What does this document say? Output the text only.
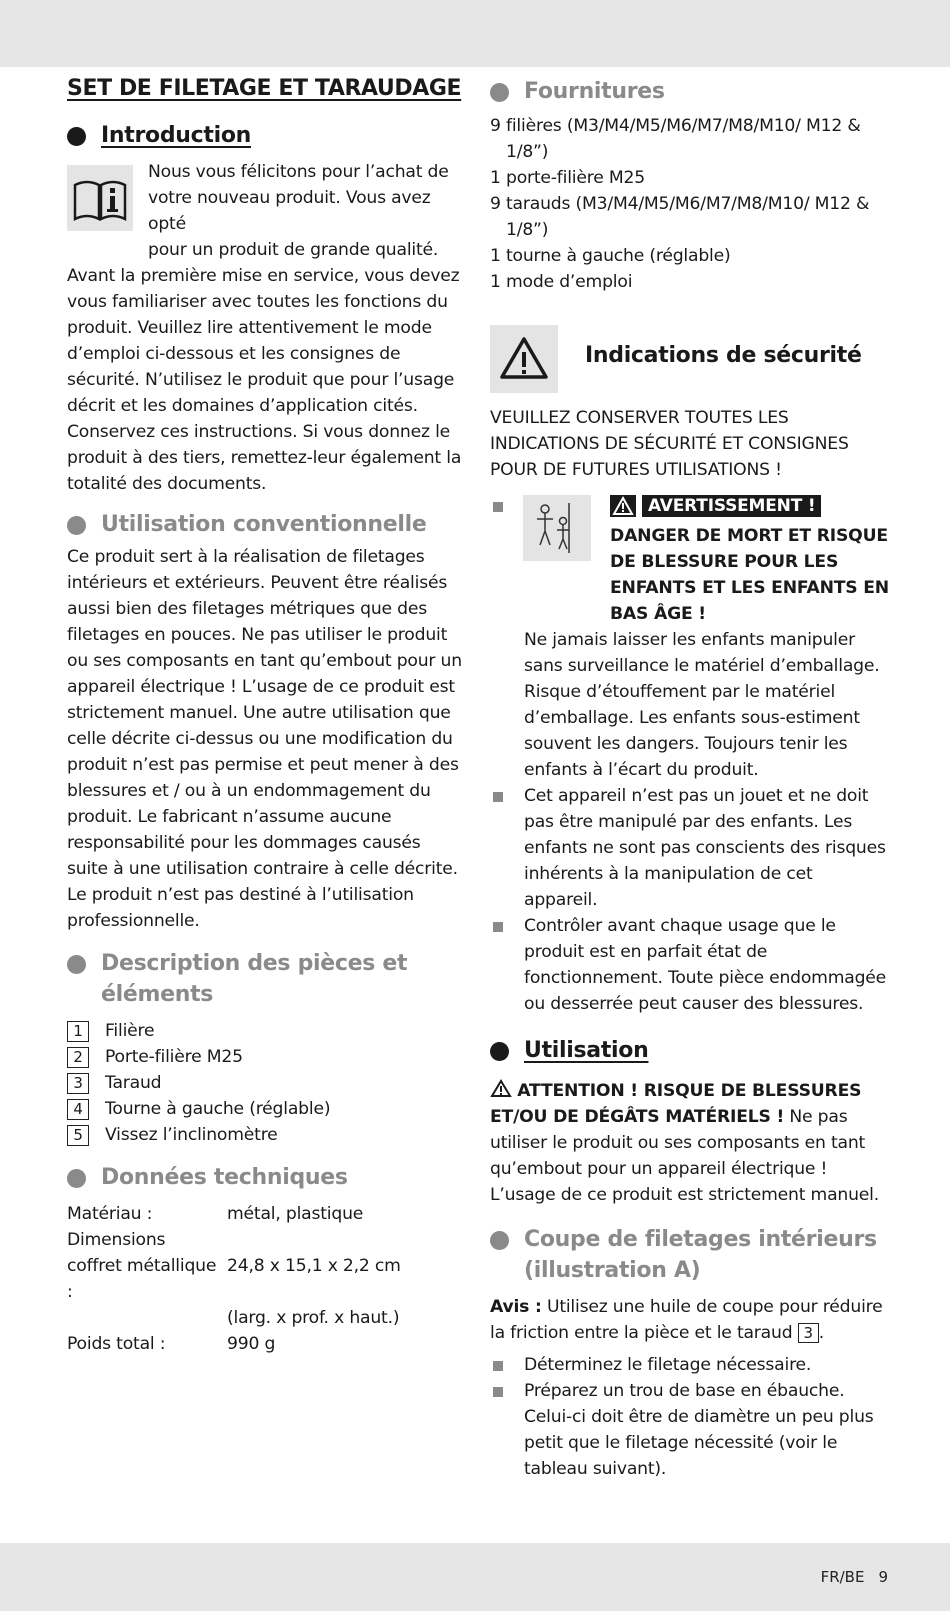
SET DE FILETAGE ET TARAUDAGE
Introduction

Nous vous félicitons pour l’achat de

votre nouveau produit. Vous avez opté

pour un produit de grande qualité.

Avant la première mise en service, vous devez vous familiariser avec toutes les fonctions du produit. Veuillez lire attentivement le mode d’emploi ci-dessous et les consignes de sécurité. N’utilisez le produit que pour l’usage décrit et les domaines d’application cités. Conservez ces instructions. Si vous donnez le produit à des tiers, remettez-leur également la totalité des documents.

Utilisation conventionnelle

Ce produit sert à la réalisation de filetages intérieurs et extérieurs. Peuvent être réalisés aussi bien des filetages métriques que des filetages en pouces. Ne pas utiliser le produit ou ses composants en tant qu’embout pour un appareil électrique ! L’usage de ce produit est strictement manuel. Une autre utilisation que celle décrite ci-dessus ou une modification du produit n’est pas permise et peut mener à des blessures et / ou à un endommagement du produit. Le fabricant n’assume aucune responsabilité pour les dommages causés suite à une utilisation contraire à celle décrite. Le produit n’est pas destiné à l’utilisation professionnelle.

Description des pièces et éléments
1	Filière
2	Porte-filière M25
3	Taraud
4	Tourne à gauche (réglable)
5	Vissez l’inclinomètre
Données techniques
Matériau :	métal, plastique
Dimensions
coffret métallique :
24,8 x 15,1 x 2,2 cm
(larg. x prof. x haut.)
Poids total :	990 g
Fournitures

9 filières (M3/M4/M5/M6/M7/M8/M10/ M12 & 1/8”)

1 porte-filière M25

9 tarauds (M3/M4/M5/M6/M7/M8/M10/ M12 & 1/8”)

1 tourne à gauche (réglable)

1 mode d’emploi

Indications de sécurité

VEUILLEZ CONSERVER TOUTES LES INDICATIONS DE SÉCURITÉ ET CONSIGNES POUR DE FUTURES UTILISATIONS !

AVERTISSEMENT !

DANGER DE MORT ET RISQUE DE BLESSURE POUR LES ENFANTS ET LES ENFANTS EN BAS ÂGE !

Ne jamais laisser les enfants manipuler sans surveillance le matériel d’emballage. Risque d’étouffement par le matériel d’emballage. Les enfants sous-estiment souvent les dangers. Toujours tenir les enfants à l’écart du produit.

Cet appareil n’est pas un jouet et ne doit pas être manipulé par des enfants. Les enfants ne sont pas conscients des risques inhérents à la manipulation de cet appareil.
Contrôler avant chaque usage que le produit est en parfait état de fonctionnement. Toute pièce endommagée ou desserrée peut causer des blessures.
Utilisation

ATTENTION ! RISQUE DE BLESSURES ET/OU DE DÉGÂTS MATÉRIELS ! Ne pas utiliser le produit ou ses composants en tant qu’embout pour un appareil électrique ! L’usage de ce produit est strictement manuel.

Coupe de filetages intérieurs (illustration A)

Avis : Utilisez une huile de coupe pour réduire la friction entre la pièce et le taraud 3 .

Déterminez le filetage nécessaire.
Préparez un trou de base en ébauche. Celui-ci doit être de diamètre un peu plus petit que le filetage nécessité (voir le tableau suivant).
FR/BE 9
